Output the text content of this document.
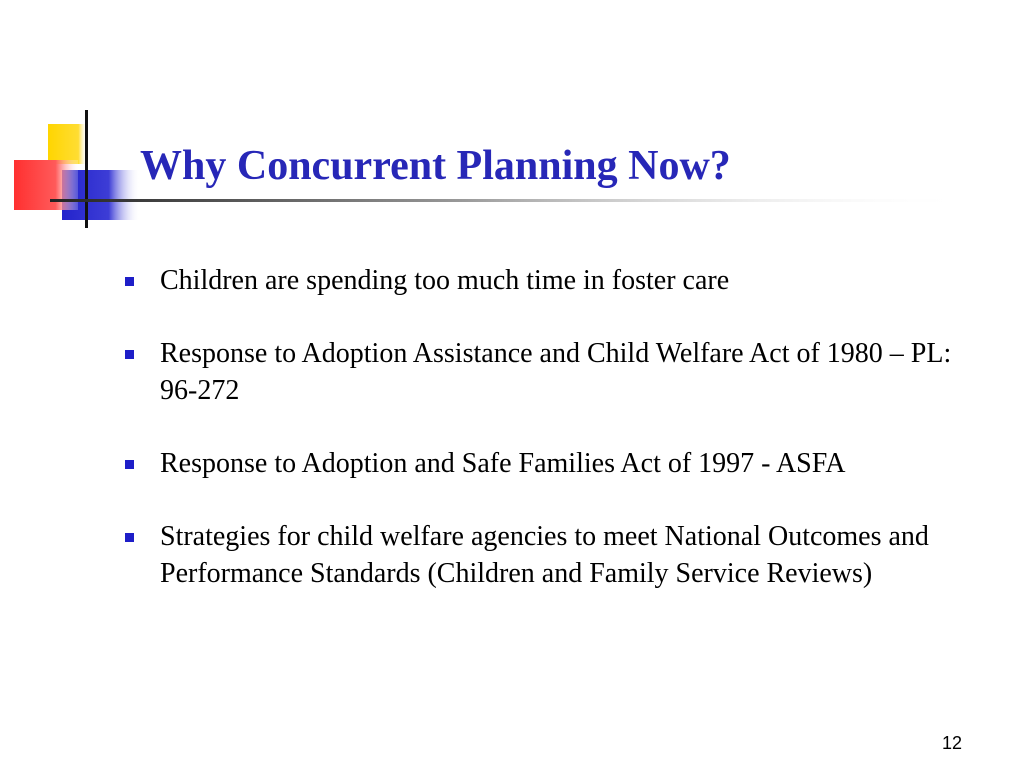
Why Concurrent Planning Now?
Children are spending too much time in foster care
Response to Adoption Assistance and Child Welfare Act of 1980 – PL: 96-272
Response to Adoption and Safe Families Act of 1997 - ASFA
Strategies for child welfare agencies to meet National Outcomes and Performance Standards (Children and Family Service Reviews)
12
